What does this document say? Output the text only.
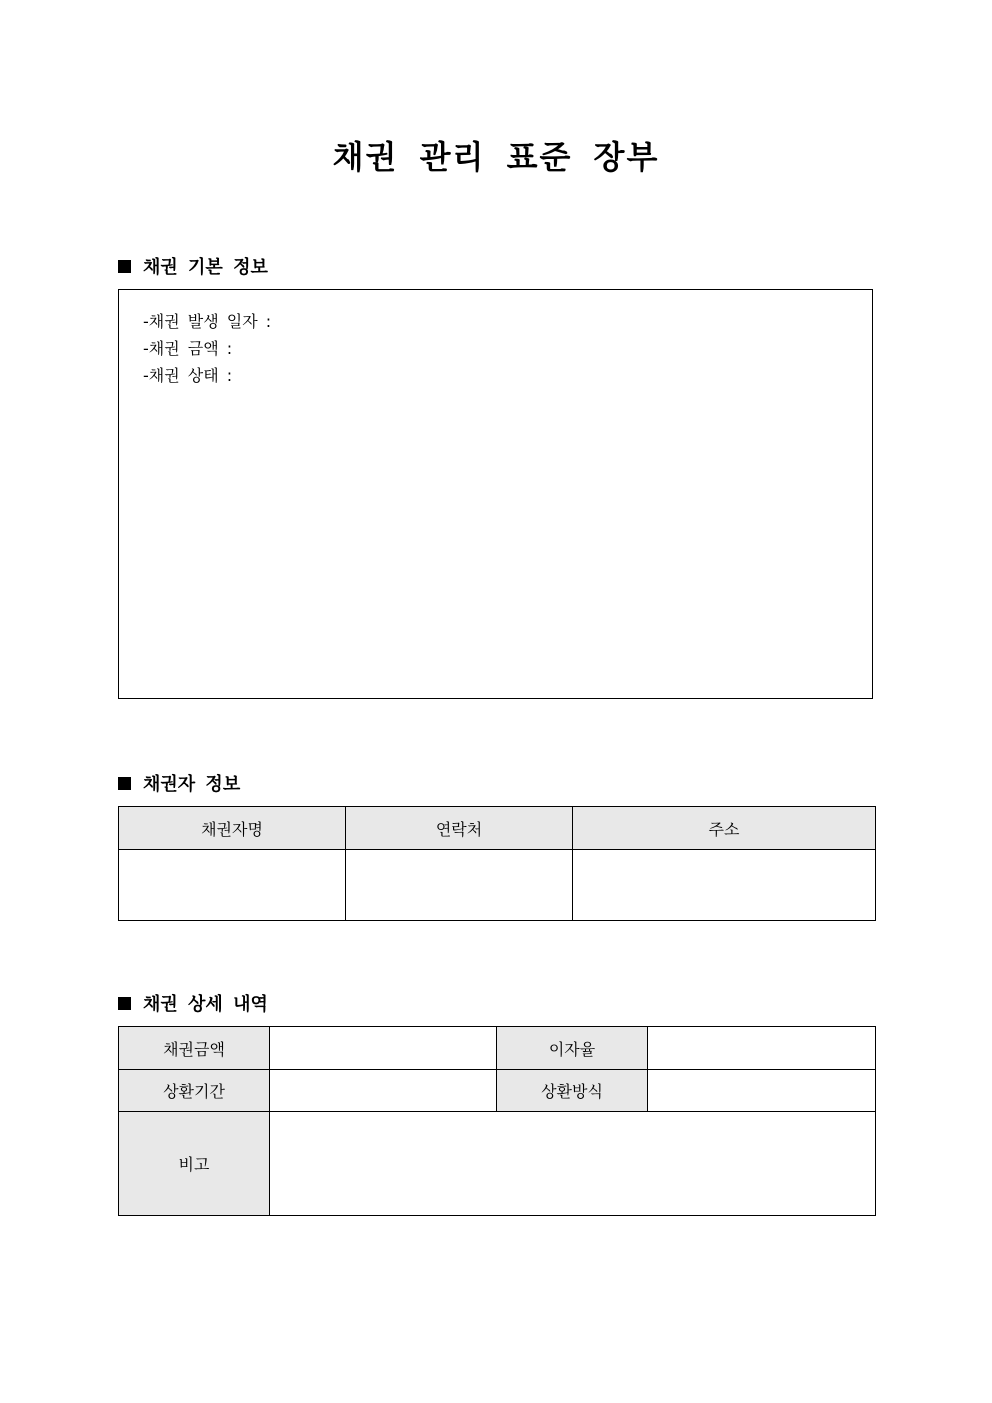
채권 관리 표준 장부
채권 기본 정보
-채권 발생 일자 :
-채권 금액 :
-채권 상태 :
채권자 정보
채권자명	연락처	주소

채권 상세 내역
채권금액		이자율	
상환기간		상환방식	
비고			
